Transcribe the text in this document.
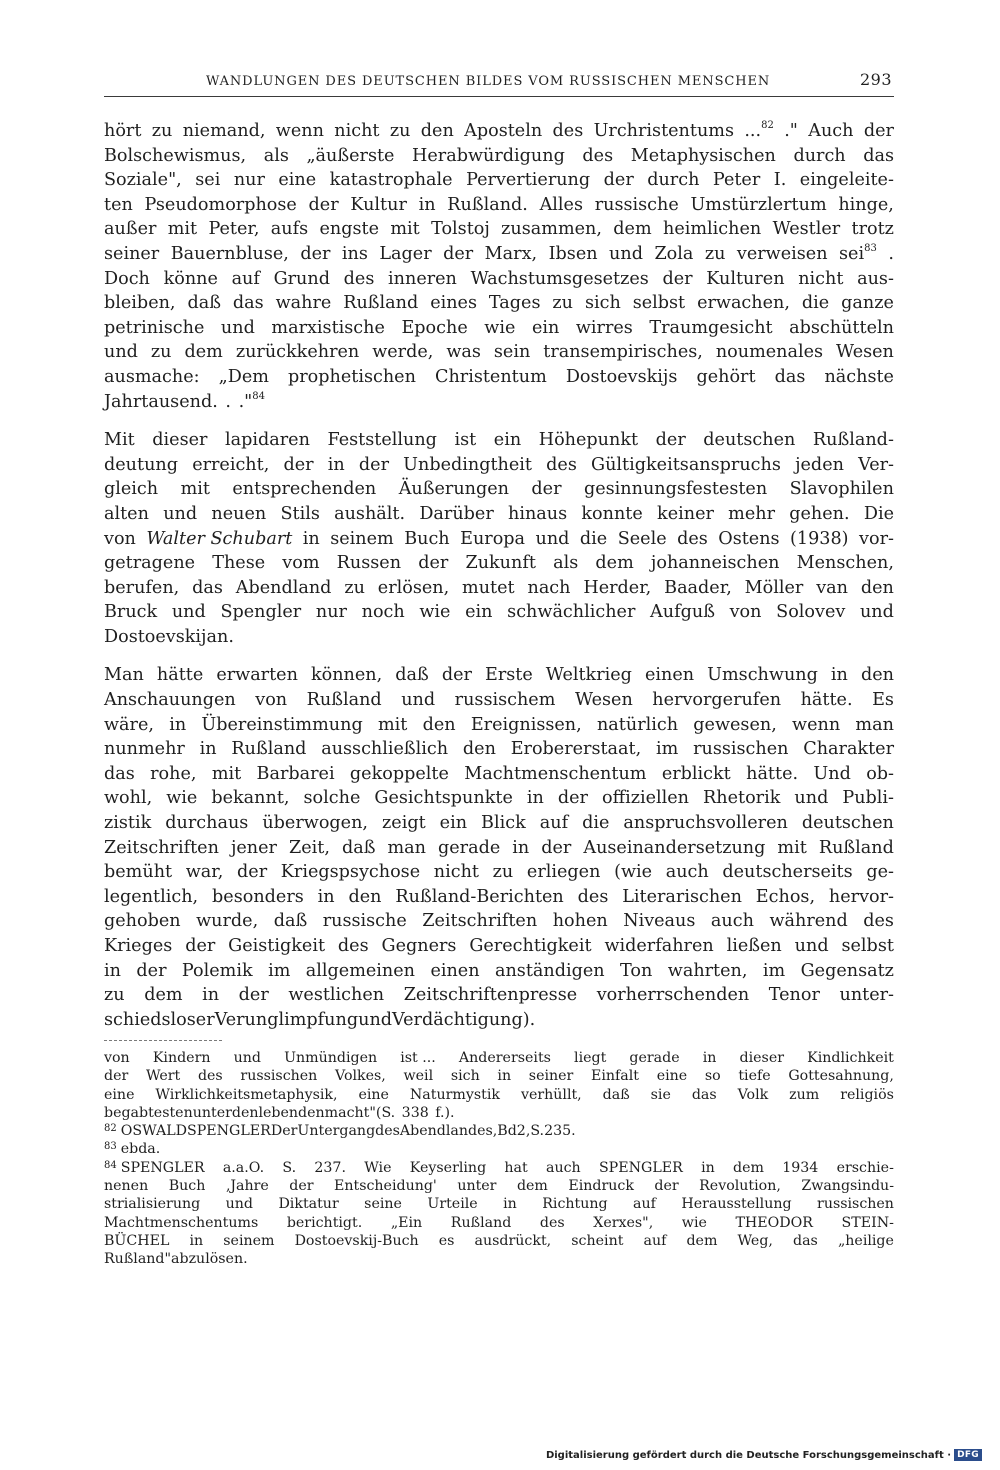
WANDLUNGEN DES DEUTSCHEN BILDES VOM RUSSISCHEN MENSCHEN	293
hört zu niemand, wenn nicht zu den Aposteln des Urchristentums ...$^{82}$ ." Auch der
Bolschewismus, als „äußerste Herabwürdigung des Metaphysischen durch das
Soziale", sei nur eine katastrophale Pervertierung der durch Peter I. eingeleite-
ten Pseudomorphose der Kultur in Rußland. Alles russische Umstürzlertum hinge,
außer mit Peter, aufs engste mit Tolstoj zusammen, dem heimlichen Westler trotz
seiner Bauernbluse, der ins Lager der Marx, Ibsen und Zola zu verweisen sei$^{83}$ .
Doch könne auf Grund des inneren Wachstumsgesetzes der Kulturen nicht aus-
bleiben, daß das wahre Rußland eines Tages zu sich selbst erwachen, die ganze
petrinische und marxistische Epoche wie ein wirres Traumgesicht abschütteln
und zu dem zurückkehren werde, was sein transempirisches, noumenales Wesen
ausmache: „Dem prophetischen Christentum Dostoevskijs gehört das nächste
Jahrtausend . . ."$^{84}$
Mit dieser lapidaren Feststellung ist ein Höhepunkt der deutschen Rußland-
deutung erreicht, der in der Unbedingtheit des Gültigkeitsanspruchs jeden Ver-
gleich mit entsprechenden Äußerungen der gesinnungsfestesten Slavophilen
alten und neuen Stils aushält. Darüber hinaus konnte keiner mehr gehen. Die
von Walter Schubart in seinem Buch Europa und die Seele des Ostens (1938) vor-
getragene These vom Russen der Zukunft als dem johanneischen Menschen,
berufen, das Abendland zu erlösen, mutet nach Herder, Baader, Möller van den
Bruck und Spengler nur noch wie ein schwächlicher Aufguß von Solovev und
Dostoevskij an.
Man hätte erwarten können, daß der Erste Weltkrieg einen Umschwung in den
Anschauungen von Rußland und russischem Wesen hervorgerufen hätte. Es
wäre, in Übereinstimmung mit den Ereignissen, natürlich gewesen, wenn man
nunmehr in Rußland ausschließlich den Erobererstaat, im russischen Charakter
das rohe, mit Barbarei gekoppelte Machtmenschentum erblickt hätte. Und ob-
wohl, wie bekannt, solche Gesichtspunkte in der offiziellen Rhetorik und Publi-
zistik durchaus überwogen, zeigt ein Blick auf die anspruchsvolleren deutschen
Zeitschriften jener Zeit, daß man gerade in der Auseinandersetzung mit Rußland
bemüht war, der Kriegspsychose nicht zu erliegen (wie auch deutscherseits ge-
legentlich, besonders in den Rußland-Berichten des Literarischen Echos, hervor-
gehoben wurde, daß russische Zeitschriften hohen Niveaus auch während des
Krieges der Geistigkeit des Gegners Gerechtigkeit widerfahren ließen und selbst
in der Polemik im allgemeinen einen anständigen Ton wahrten, im Gegensatz
zu dem in der westlichen Zeitschriftenpresse vorherrschenden Tenor unter-
schiedsloser Verunglimpfung und Verdächtigung).
von Kindern und Unmündigen ist ... Andererseits liegt gerade in dieser Kindlichkeit
der Wert des russischen Volkes, weil sich in seiner Einfalt eine so tiefe Gottesahnung,
eine Wirklichkeitsmetaphysik, eine Naturmystik verhüllt, daß sie das Volk zum religiös
begabtesten unter den lebenden macht" (S. 338 f.).
$^{82}$ OSWALD SPENGLER Der Untergang des Abendlandes, Bd 2, S. 235.
$^{83}$ ebda.
$^{84}$ SPENGLER a.a.O. S. 237. Wie Keyserling hat auch SPENGLER in dem 1934 erschie-
nenen Buch ‚Jahre der Entscheidung' unter dem Eindruck der Revolution, Zwangsindu-
strialisierung und Diktatur seine Urteile in Richtung auf Herausstellung russischen
Machtmenschentums berichtigt. „Ein Rußland des Xerxes", wie THEODOR STEIN-
BÜCHEL in seinem Dostoevskij-Buch es ausdrückt, scheint auf dem Weg, das „heilige
Rußland" abzulösen.
Digitalisierung gefördert durch die Deutsche Forschungsgemeinschaft · DFG
